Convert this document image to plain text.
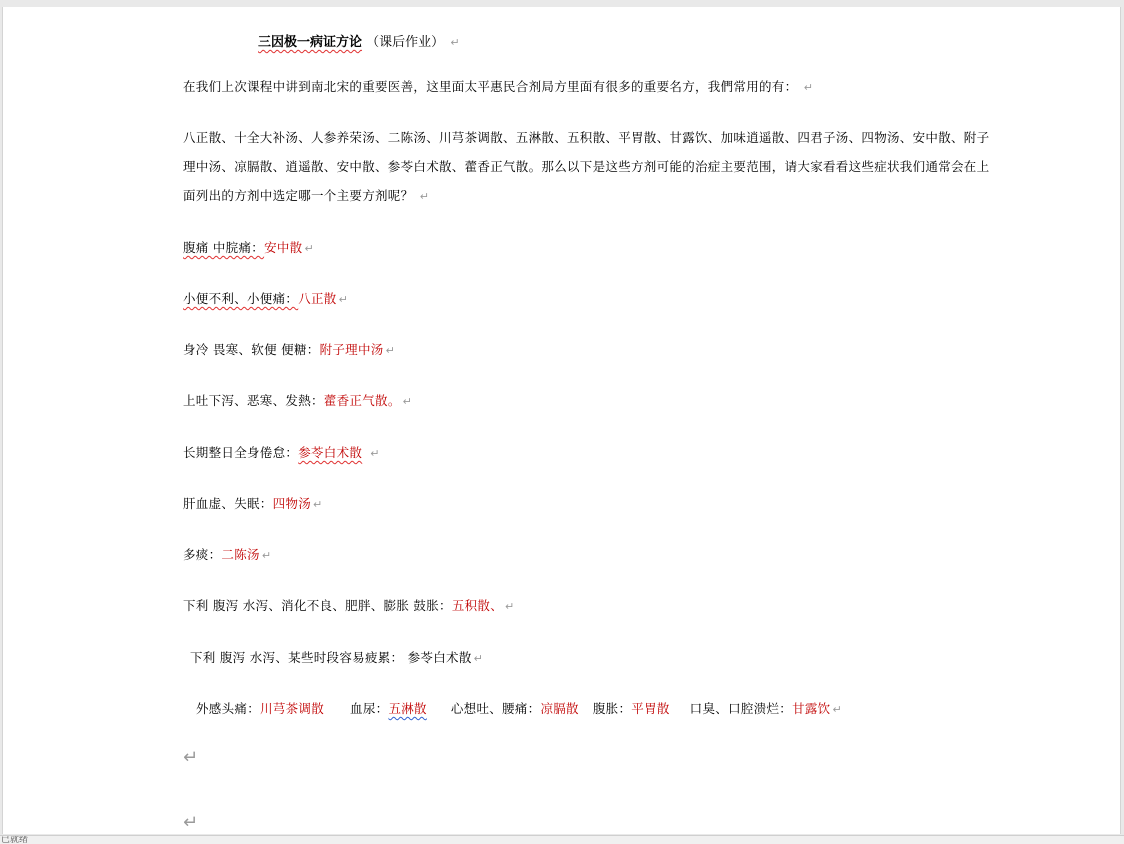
三因极一病证方论 （课后作业） ↵
在我们上次课程中讲到南北宋的重要医善，这里面太平惠民合剂局方里面有很多的重要名方，我們常用的有： ↵
八正散、十全大补汤、人参养荣汤、二陈汤、川芎茶调散、五淋散、五积散、平胃散、甘露饮、加味逍遥散、四君子汤、四物汤、安中散、附子
理中汤、凉膈散、逍遥散、安中散、参苓白术散、藿香正气散。那么以下是这些方剂可能的治症主要范围，请大家看看这些症状我们通常会在上
面列出的方剂中选定哪一个主要方剂呢？ ↵
腹痛 中脘痛：安中散 ↵
小便不利、小便痛：八正散 ↵
身冷 畏寒、软便 便糖：附子理中汤 ↵
上吐下泻、恶寒、发熱：藿香正气散。 ↵
长期整日全身倦怠：参苓白术散 ↵
肝血虚、失眠：四物汤 ↵
多痰：二陈汤 ↵
下利 腹泻 水泻、消化不良、肥胖、膨胀 鼓胀：五积散、 ↵
下利 腹泻 水泻、某些时段容易疲累： 参苓白术散 ↵
外感头痛：川芎茶调散 血尿：五淋散 心想吐、腰痛：凉膈散 腹胀：平胃散 口臭、口腔溃烂：甘露饮 ↵
↵
↵
已就绪
